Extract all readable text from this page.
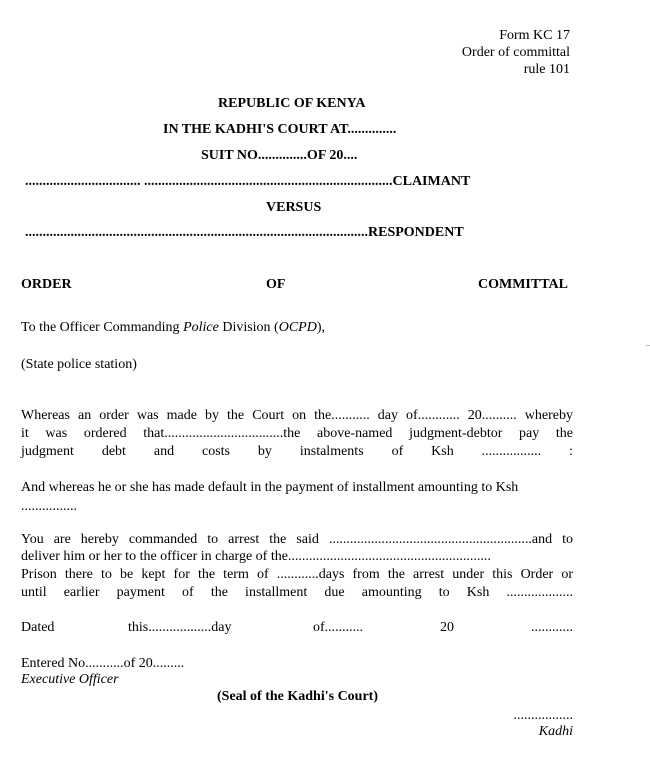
Form KC 17
Order of committal
rule 101
REPUBLIC OF KENYA
IN THE KADHI'S COURT AT..............
SUIT NO..............OF 20....
................................. .......................................................................CLAIMANT
VERSUS
..................................................................................................RESPONDENT
ORDER	OF	COMMITTAL
To the Officer Commanding Police Division (OCPD),
(State police station)
Whereas an order was made by the Court on the........... day of............ 20.......... whereby
it was ordered that..................................the above-named judgment-debtor pay the
judgment debt and costs by instalments of Ksh ................. :
And whereas he or she has made default in the payment of installment amounting to Ksh
................
You are hereby commanded to arrest the said ..........................................................and to
deliver him or her to the officer in charge of the..........................................................
Prison there to be kept for the term of ............days from the arrest under this Order or
until earlier payment of the installment due amounting to Ksh ...................
Dated	this..................day	of...........	20	............
Entered No...........of 20.........
Executive Officer
(Seal of the Kadhi's Court)
.................
Kadhi
